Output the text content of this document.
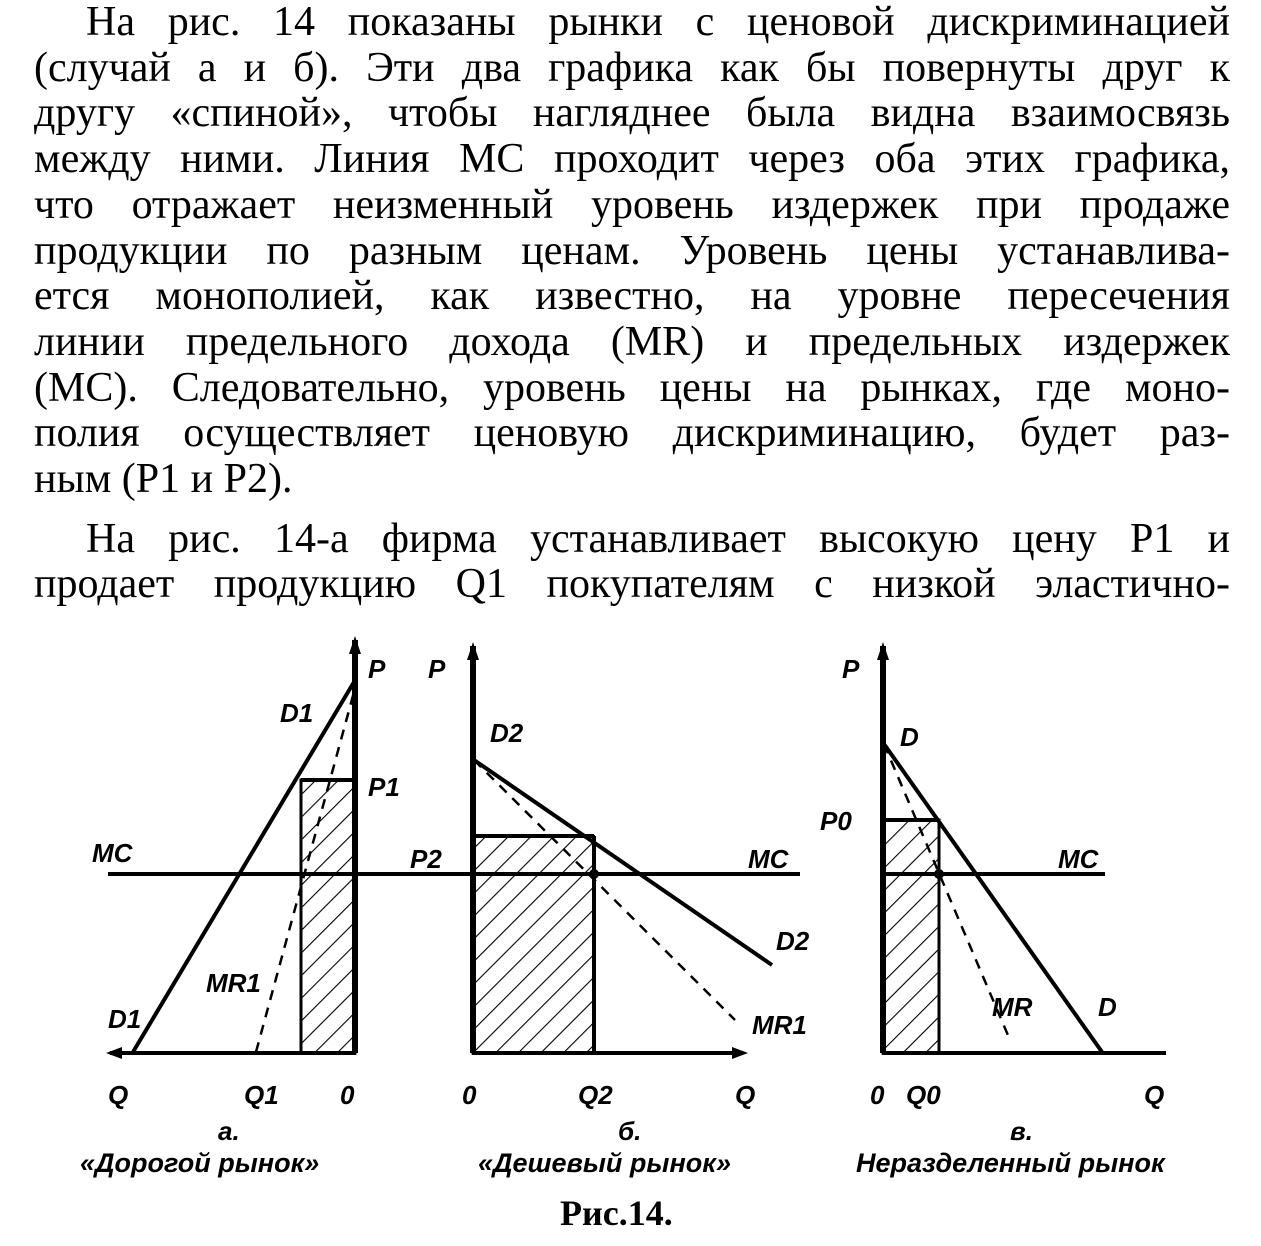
На рис. 14 показаны рынки с ценовой дискриминацией

(случай а и б). Эти два графика как бы повернуты друг к

другу «спиной», чтобы нагляднее была видна взаимосвязь

между ними. Линия MC проходит через оба этих графика,

что отражает неизменный уровень издержек при продаже

продукции по разным ценам. Уровень цены устанавлива-

ется монополией, как известно, на уровне пересечения

линии предельного дохода (MR) и предельных издержек

(MC). Следовательно, уровень цены на рынках, где моно-

полия осуществляет ценовую дискриминацию, будет раз-

ным (P1 и P2).

На рис. 14-а фирма устанавливает высокую цену P1 и

продает продукцию Q1 покупателям с низкой эластично-

MC
P
D1
P1
MR1
D1
Q	Q1 0
P
D2
P2	MC
D2
MR1
0	Q2	Q
P
D
P0
MC
MR	D
0 Q0	Q
а.
«Дорогой рынок»
б.
«Дешевый рынок»
в.
Неразделенный рынок
Рис.14.
